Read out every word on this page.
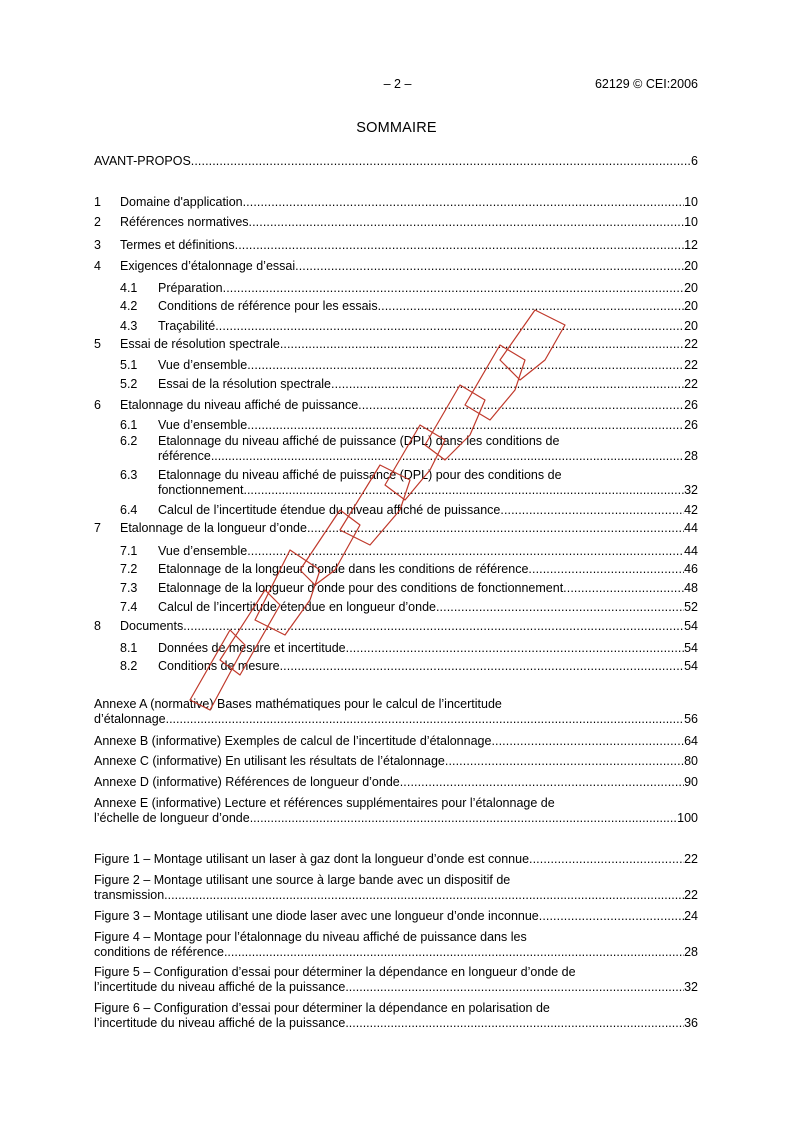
– 2 –	62129 © CEI:2006
SOMMAIRE
AVANT-PROPOS .....	6
1 Domaine d'application .....	10
2 Références normatives .....	10
3 Termes et définitions .....	12
4 Exigences d’étalonnage d’essai .....	20
4.1 Préparation .....	20
4.2 Conditions de référence pour les essais .....	20
4.3 Traçabilité .....	20
5 Essai de résolution spectrale .....	22
5.1 Vue d’ensemble .....	22
5.2 Essai de la résolution spectrale .....	22
6 Etalonnage du niveau affiché de puissance .....	26
6.1 Vue d’ensemble .....	26
6.2 Etalonnage du niveau affiché de puissance (DPL) dans les conditions de
référence .....	28
6.3 Etalonnage du niveau affiché de puissance (DPL) pour des conditions de
fonctionnement .....	32
6.4 Calcul de l’incertitude étendue du niveau affiché de puissance .....	42
7 Etalonnage de la longueur d’onde .....	44
7.1 Vue d’ensemble .....	44
7.2 Etalonnage de la longueur d’onde dans les conditions de référence .....	46
7.3 Etalonnage de la longueur d’onde pour des conditions de fonctionnement .....	48
7.4 Calcul de l’incertitude étendue en longueur d’onde .....	52
8 Documents .....	54
8.1 Données de mesure et incertitude .....	54
8.2 Conditions de mesure .....	54
Annexe A (normative) Bases mathématiques pour le calcul de l’incertitude
d’étalonnage .....	56
Annexe B (informative) Exemples de calcul de l’incertitude d’étalonnage .....	64
Annexe C (informative) En utilisant les résultats de l’étalonnage .....	80
Annexe D (informative) Références de longueur d’onde .....	90
Annexe E (informative) Lecture et références supplémentaires pour l’étalonnage de
l’échelle de longueur d’onde .....	100
Figure 1 – Montage utilisant un laser à gaz dont la longueur d’onde est connue .....	22
Figure 2 – Montage utilisant une source à large bande avec un dispositif de
transmission .....	22
Figure 3 – Montage utilisant une diode laser avec une longueur d’onde inconnue .....	24
Figure 4 – Montage pour l’étalonnage du niveau affiché de puissance dans les
conditions de référence .....	28
Figure 5 – Configuration d’essai pour déterminer la dépendance en longueur d’onde de
l’incertitude du niveau affiché de la puissance .....	32
Figure 6 – Configuration d’essai pour déterminer la dépendance en polarisation de
l’incertitude du niveau affiché de la puissance .....	36
